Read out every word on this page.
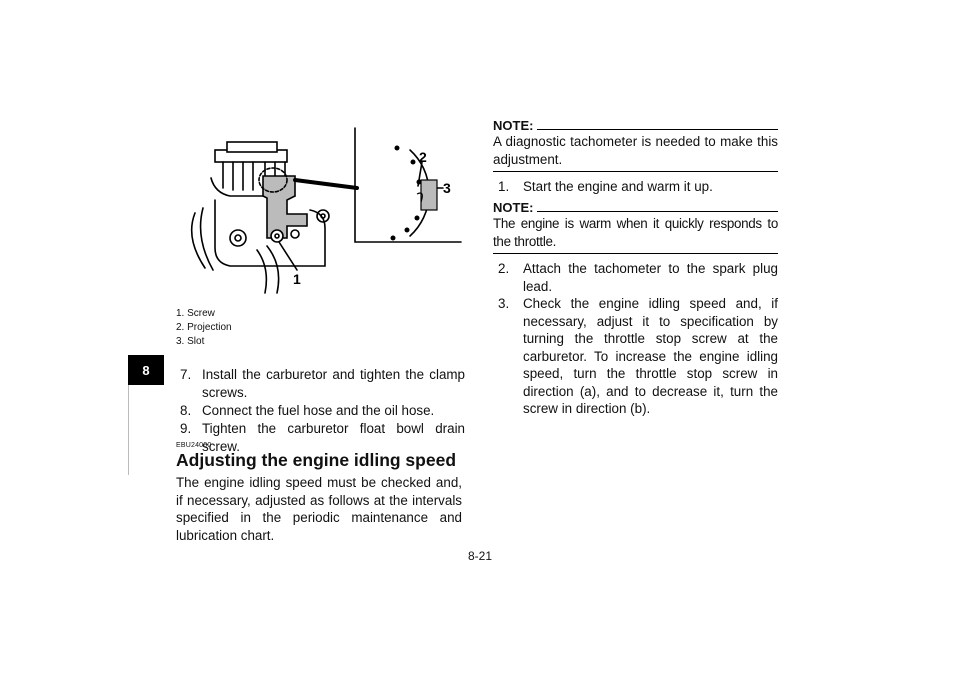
8
1
2
3
1. Screw
2. Projection
3. Slot
7. Install the carburetor and tighten the clamp screws.
8. Connect the fuel hose and the oil hose.
9. Tighten the carburetor float bowl drain screw.
EBU24000
Adjusting the engine idling speed
The engine idling speed must be checked and, if necessary, adjusted as follows at the intervals specified in the periodic maintenance and lubrication chart.
NOTE:
A diagnostic tachometer is needed to make this adjustment.
1.	Start the engine and warm it up.
NOTE:
The engine is warm when it quickly responds to the throttle.
2.	Attach the tachometer to the spark plug lead.
3.	Check the engine idling speed and, if necessary, adjust it to specification by turning the throttle stop screw at the carburetor. To increase the engine idling speed, turn the throttle stop screw in direction (a), and to decrease it, turn the screw in direction (b).
8-21
